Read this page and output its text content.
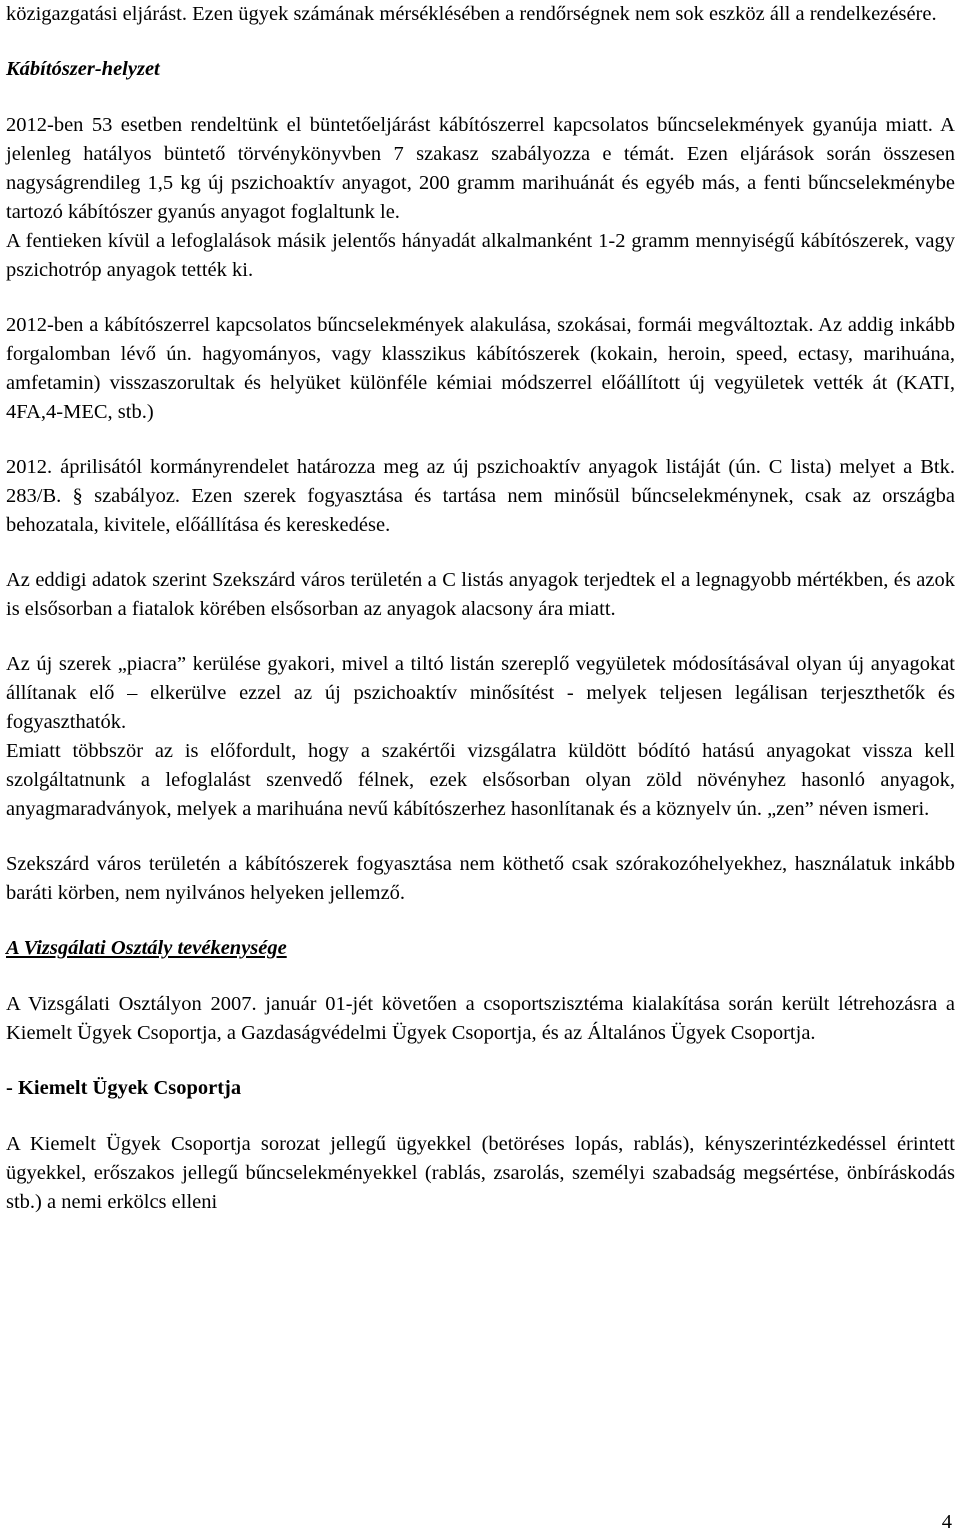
közigazgatási eljárást. Ezen ügyek számának mérséklésében a rendőrségnek nem sok eszköz áll a rendelkezésére.

Kábítószer-helyzet

2012-ben 53 esetben rendeltünk el büntetőeljárást kábítószerrel kapcsolatos bűncselekmények gyanúja miatt. A jelenleg hatályos büntető törvénykönyvben 7 szakasz szabályozza e témát. Ezen eljárások során összesen nagyságrendileg 1,5 kg új pszichoaktív anyagot, 200 gramm marihuánát és egyéb más, a fenti bűncselekménybe tartozó kábítószer gyanús anyagot foglaltunk le.

A fentieken kívül a lefoglalások másik jelentős hányadát alkalmanként 1-2 gramm mennyiségű kábítószerek, vagy pszichotróp anyagok tették ki.

2012-ben a kábítószerrel kapcsolatos bűncselekmények alakulása, szokásai, formái megváltoztak. Az addig inkább forgalomban lévő ún. hagyományos, vagy klasszikus kábítószerek (kokain, heroin, speed, ectasy, marihuána, amfetamin) visszaszorultak és helyüket különféle kémiai módszerrel előállított új vegyületek vették át (KATI, 4FA,4-MEC, stb.)

2012. áprilisától kormányrendelet határozza meg az új pszichoaktív anyagok listáját (ún. C lista) melyet a Btk. 283/B. § szabályoz. Ezen szerek fogyasztása és tartása nem minősül bűncselekménynek, csak az országba behozatala, kivitele, előállítása és kereskedése.

Az eddigi adatok szerint Szekszárd város területén a C listás anyagok terjedtek el a legnagyobb mértékben, és azok is elsősorban a fiatalok körében elsősorban az anyagok alacsony ára miatt.

Az új szerek „piacra” kerülése gyakori, mivel a tiltó listán szereplő vegyületek módosításával olyan új anyagokat állítanak elő – elkerülve ezzel az új pszichoaktív minősítést - melyek teljesen legálisan terjeszthetők és fogyaszthatók.

Emiatt többször az is előfordult, hogy a szakértői vizsgálatra küldött bódító hatású anyagokat vissza kell szolgáltatnunk a lefoglalást szenvedő félnek, ezek elsősorban olyan zöld növényhez hasonló anyagok, anyagmaradványok, melyek a marihuána nevű kábítószerhez hasonlítanak és a köznyelv ún. „zen” néven ismeri.

Szekszárd város területén a kábítószerek fogyasztása nem köthető csak szórakozóhelyekhez, használatuk inkább baráti körben, nem nyilvános helyeken jellemző.

A Vizsgálati Osztály tevékenysége

A Vizsgálati Osztályon 2007. január 01-jét követően a csoportszisztéma kialakítása során került létrehozásra a Kiemelt Ügyek Csoportja, a Gazdaságvédelmi Ügyek Csoportja, és az Általános Ügyek Csoportja.

- Kiemelt Ügyek Csoportja

A Kiemelt Ügyek Csoportja sorozat jellegű ügyekkel (betöréses lopás, rablás), kényszerintézkedéssel érintett ügyekkel, erőszakos jellegű bűncselekményekkel (rablás, zsarolás, személyi szabadság megsértése, önbíráskodás stb.) a nemi erkölcs elleni

4
